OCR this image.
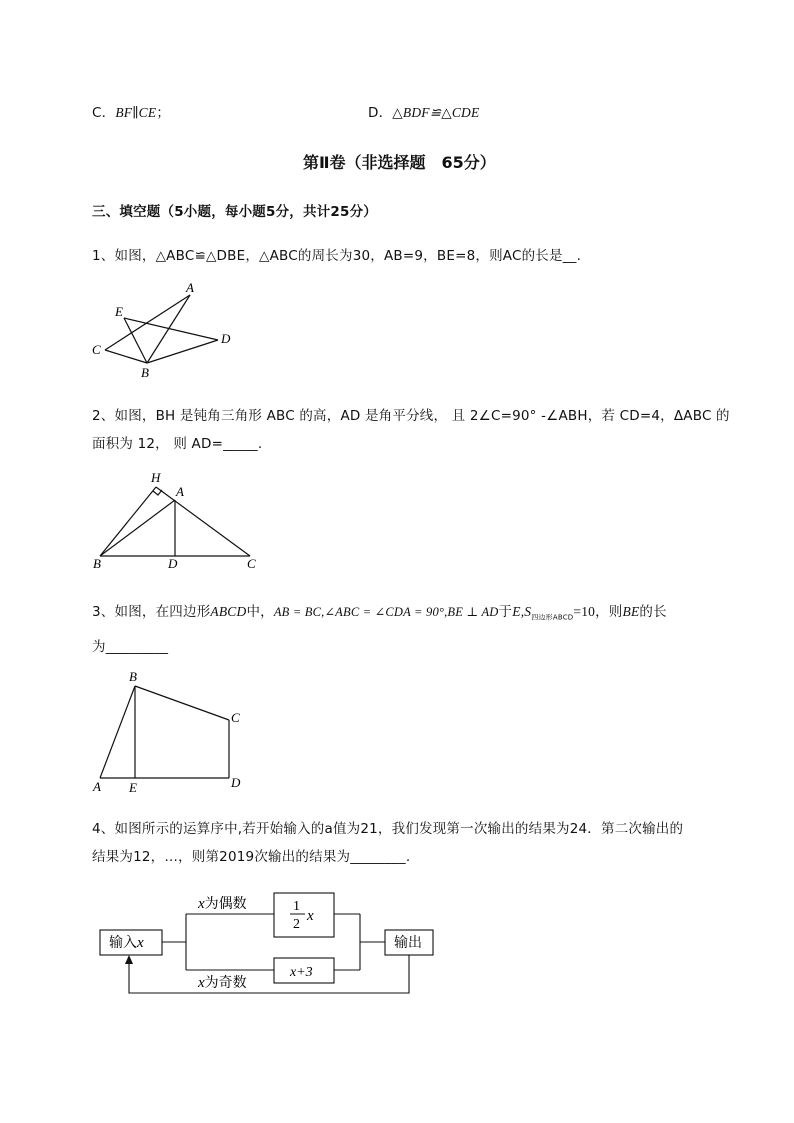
C．BF∥CE；	D．△BDF≌△CDE
第Ⅱ卷（非选择题　65分）
三、填空题（5小题，每小题5分，共计25分）
1、如图，△ABC≌△DBE，△ABC的周长为30，AB=9，BE=8，则AC的长是__.
A
E
D
C
B
2、如图，BH 是钝角三角形 ABC 的高，AD 是角平分线， 且 2∠C=90° -∠ABH，若 CD=4，ΔABC 的
面积为 12， 则 AD=_____.
H
A
B	D	C
3、如图，在四边形ABCD中，AB = BC,∠ABC = ∠CDA = 90°,BE ⊥ AD于$E,S_{四边形ABCD}=10$，则BE的长
为_________
B
C
A E	D
4、如图所示的运算序中,若开始输入的a值为21，我们发现第一次输出的结果为24．第二次输出的
结果为12，…，则第2019次输出的结果为________.
输入x
x为偶数
x为奇数
1
2
x
x+3
输出
